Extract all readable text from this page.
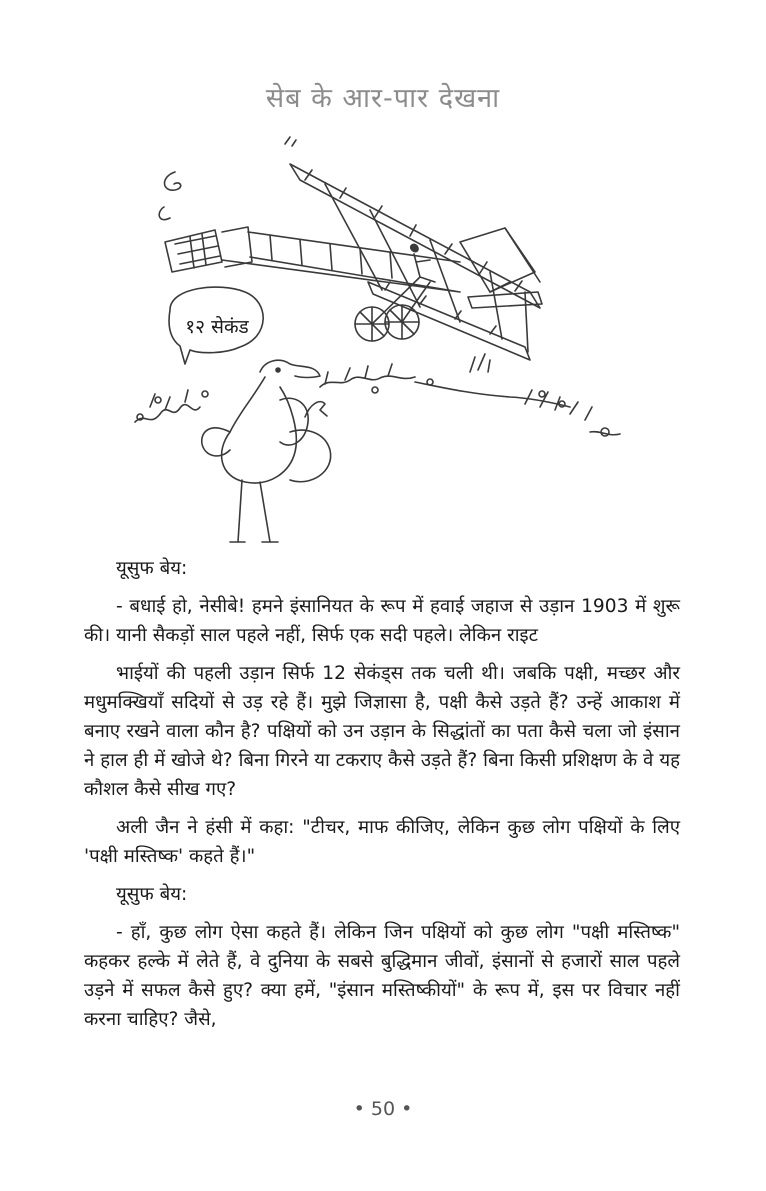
सेब के आर-पार देखना
१२ सेकंड

यूसुफ बेय:

- बधाई हो, नेसीबे! हमने इंसानियत के रूप में हवाई जहाज से उड़ान 1903 में शुरू की। यानी सैकड़ों साल पहले नहीं, सिर्फ एक सदी पहले। लेकिन राइट

भाईयों की पहली उड़ान सिर्फ 12 सेकंड्स तक चली थी। जबकि पक्षी, मच्छर और मधुमक्खियाँ सदियों से उड़ रहे हैं। मुझे जिज्ञासा है, पक्षी कैसे उड़ते हैं? उन्हें आकाश में बनाए रखने वाला कौन है? पक्षियों को उन उड़ान के सिद्धांतों का पता कैसे चला जो इंसान ने हाल ही में खोजे थे? बिना गिरने या टकराए कैसे उड़ते हैं? बिना किसी प्रशिक्षण के वे यह कौशल कैसे सीख गए?

अली जैन ने हंसी में कहा: "टीचर, माफ कीजिए, लेकिन कुछ लोग पक्षियों के लिए 'पक्षी मस्तिष्क' कहते हैं।"

यूसुफ बेय:

- हाँ, कुछ लोग ऐसा कहते हैं। लेकिन जिन पक्षियों को कुछ लोग "पक्षी मस्तिष्क" कहकर हल्के में लेते हैं, वे दुनिया के सबसे बुद्धिमान जीवों, इंसानों से हजारों साल पहले उड़ने में सफल कैसे हुए? क्या हमें, "इंसान मस्तिष्कीयों" के रूप में, इस पर विचार नहीं करना चाहिए? जैसे,

• 50 •
